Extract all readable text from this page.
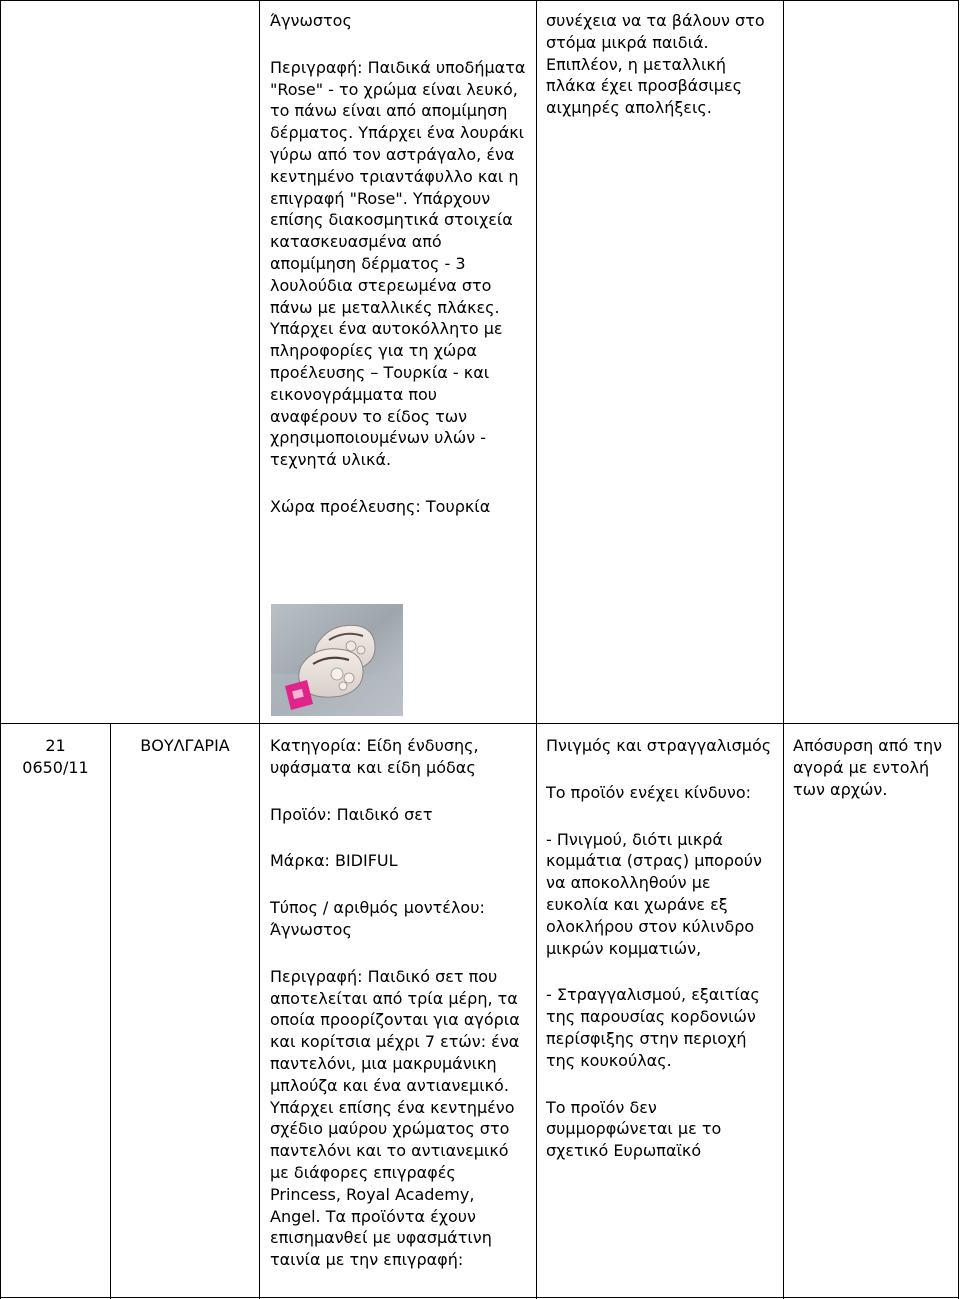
Άγνωστος

Περιγραφή: Παιδικά υποδήματα "Rose" - το χρώμα είναι λευκό, το πάνω είναι από απομίμηση δέρματος. Υπάρχει ένα λουράκι γύρω από τον αστράγαλο, ένα κεντημένο τριαντάφυλλο και η επιγραφή "Rose". Υπάρχουν επίσης διακοσμητικά στοιχεία κατασκευασμένα από απομίμηση δέρματος - 3 λουλούδια στερεωμένα στο πάνω με μεταλλικές πλάκες. Υπάρχει ένα αυτοκόλλητο με πληροφορίες για τη χώρα προέλευσης – Τουρκία - και εικονογράμματα που αναφέρουν το είδος των χρησιμοποιουμένων υλών - τεχνητά υλικά.

Χώρα προέλευσης: Τουρκία

συνέχεια να τα βάλουν στο στόμα μικρά παιδιά. Επιπλέον, η μεταλλική πλάκα έχει προσβάσιμες αιχμηρές απολήξεις.

21
0650/11
ΒΟΥΛΓΑΡΙΑ	Κατηγορία: Είδη ένδυσης, υφάσματα και είδη μόδας

Προϊόν: Παιδικό σετ

Μάρκα: BIDIFUL

Τύπος / αριθμός μοντέλου: Άγνωστος

Περιγραφή: Παιδικό σετ που αποτελείται από τρία μέρη, τα οποία προορίζονται για αγόρια και κορίτσια μέχρι 7 ετών: ένα παντελόνι, μια μακρυμάνικη μπλούζα και ένα αντιανεμικό. Υπάρχει επίσης ένα κεντημένο σχέδιο μαύρου χρώματος στο παντελόνι και το αντιανεμικό με διάφορες επιγραφές Princess, Royal Academy, Angel. Τα προϊόντα έχουν επισημανθεί με υφασμάτινη ταινία με την επιγραφή:

Πνιγμός και στραγγαλισμός

Το προϊόν ενέχει κίνδυνο:

- Πνιγμού, διότι μικρά κομμάτια (στρας) μπορούν να αποκολληθούν με ευκολία και χωράνε εξ ολοκλήρου στον κύλινδρο μικρών κομματιών,

- Στραγγαλισμού, εξαιτίας της παρουσίας κορδονιών περίσφιξης στην περιοχή της κουκούλας.

Το προϊόν δεν συμμορφώνεται με το σχετικό Ευρωπαϊκό

Απόσυρση από την αγορά με εντολή των αρχών.
